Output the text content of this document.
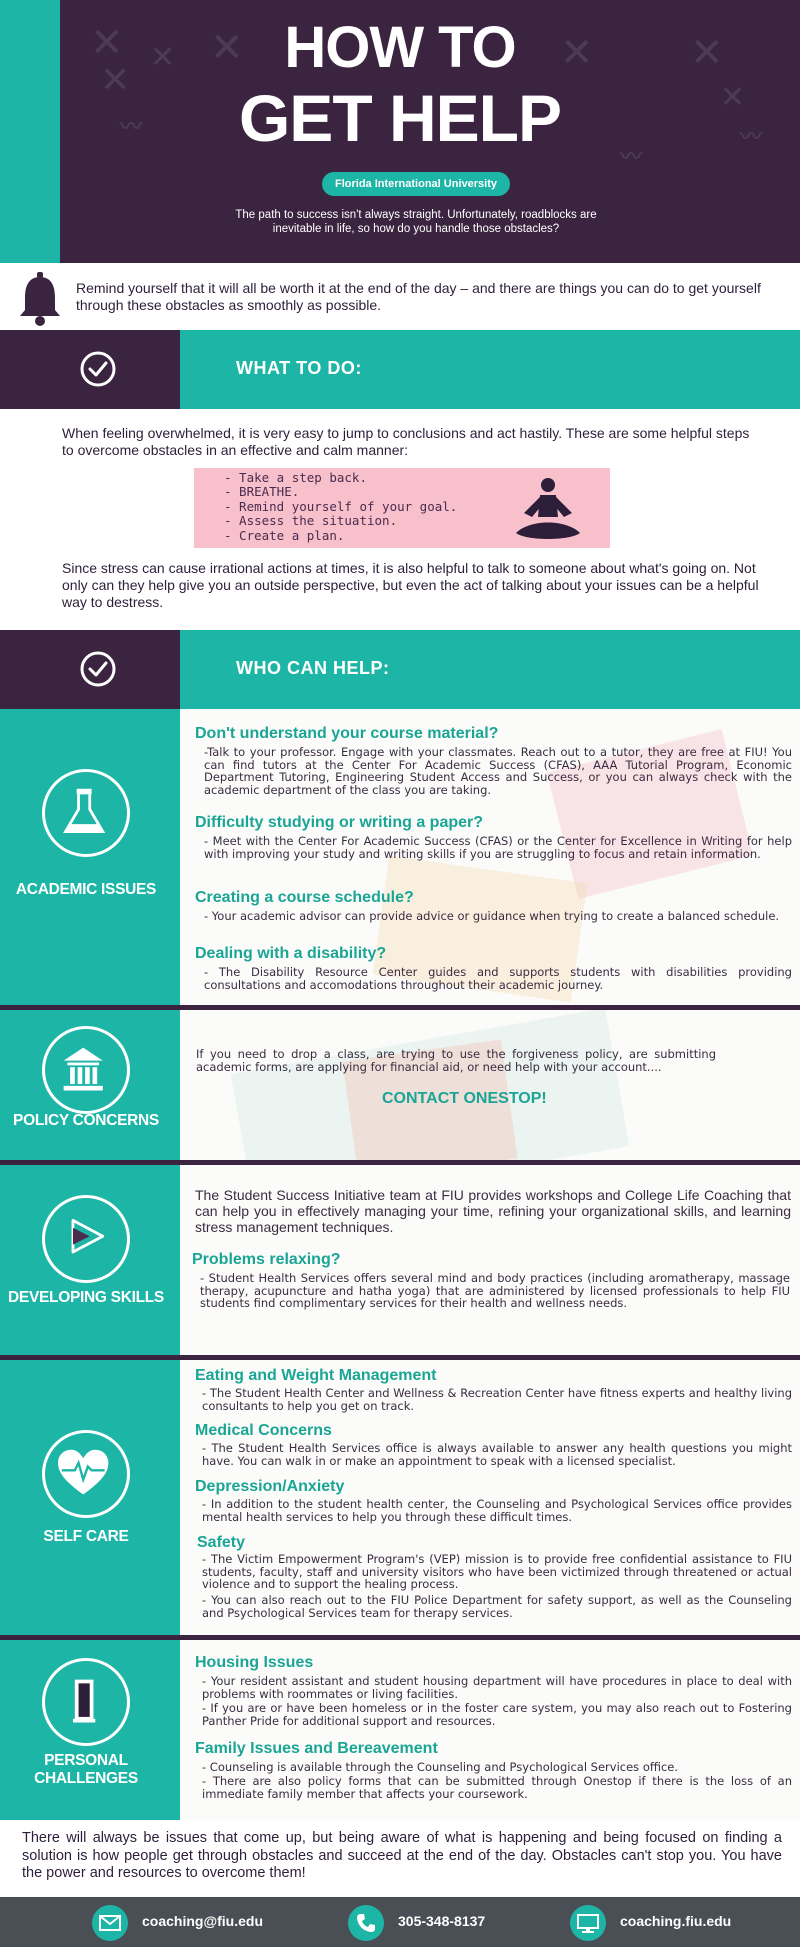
✕ ✕ ✕
✕
〰
✕ ✕
✕
〰
〰
HOW TO
GET HELP
Florida International University
The path to success isn't always straight. Unfortunately, roadblocks are inevitable in life, so how do you handle those obstacles?
Remind yourself that it will all be worth it at the end of the day – and there are things you can do to get yourself through these obstacles as smoothly as possible.
WHAT TO DO:
When feeling overwhelmed, it is very easy to jump to conclusions and act hastily. These are some helpful steps to overcome obstacles in an effective and calm manner:
- Take a step back.
- BREATHE.
- Remind yourself of your goal.
- Assess the situation.
- Create a plan.
Since stress can cause irrational actions at times, it is also helpful to talk to someone about what's going on. Not only can they help give you an outside perspective, but even the act of talking about your issues can be a helpful way to destress.
WHO CAN HELP:
ACADEMIC ISSUES
Don't understand your course material?
-Talk to your professor. Engage with your classmates. Reach out to a tutor, they are free at FIU! You can find tutors at the Center For Academic Success (CFAS), AAA Tutorial Program, Economic Department Tutoring, Engineering Student Access and Success, or you can always check with the academic department of the class you are taking.
Difficulty studying or writing a paper?
- Meet with the Center For Academic Success (CFAS) or the Center for Excellence in Writing for help with improving your study and writing skills if you are struggling to focus and retain information.
Creating a course schedule?
- Your academic advisor can provide advice or guidance when trying to create a balanced schedule.
Dealing with a disability?
- The Disability Resource Center guides and supports students with disabilities providing consultations and accomodations throughout their academic journey.
POLICY CONCERNS
If you need to drop a class, are trying to use the forgiveness policy, are submitting academic forms, are applying for financial aid, or need help with your account....
CONTACT ONESTOP!
DEVELOPING SKILLS
The Student Success Initiative team at FIU provides workshops and College Life Coaching that can help you in effectively managing your time, refining your organizational skills, and learning stress management techniques.
Problems relaxing?
- Student Health Services offers several mind and body practices (including aromatherapy, massage therapy, acupuncture and hatha yoga) that are administered by licensed professionals to help FIU students find complimentary services for their health and wellness needs.
SELF CARE
Eating and Weight Management
- The Student Health Center and Wellness & Recreation Center have fitness experts and healthy living consultants to help you get on track.
Medical Concerns
- The Student Health Services office is always available to answer any health questions you might have. You can walk in or make an appointment to speak with a licensed specialist.
Depression/Anxiety
- In addition to the student health center, the Counseling and Psychological Services office provides mental health services to help you through these difficult times.
Safety
- The Victim Empowerment Program's (VEP) mission is to provide free confidential assistance to FIU students, faculty, staff and university visitors who have been victimized through threatened or actual violence and to support the healing process.
- You can also reach out to the FIU Police Department for safety support, as well as the Counseling and Psychological Services team for therapy services.
PERSONAL CHALLENGES
Housing Issues
- Your resident assistant and student housing department will have procedures in place to deal with problems with roommates or living facilities.
- If you are or have been homeless or in the foster care system, you may also reach out to Fostering Panther Pride for additional support and resources.
Family Issues and Bereavement
- Counseling is available through the Counseling and Psychological Services office.
- There are also policy forms that can be submitted through Onestop if there is the loss of an immediate family member that affects your coursework.
There will always be issues that come up, but being aware of what is happening and being focused on finding a solution is how people get through obstacles and succeed at the end of the day. Obstacles can't stop you. You have the power and resources to overcome them!
coaching@fiu.edu	305-348-8137	coaching.fiu.edu
